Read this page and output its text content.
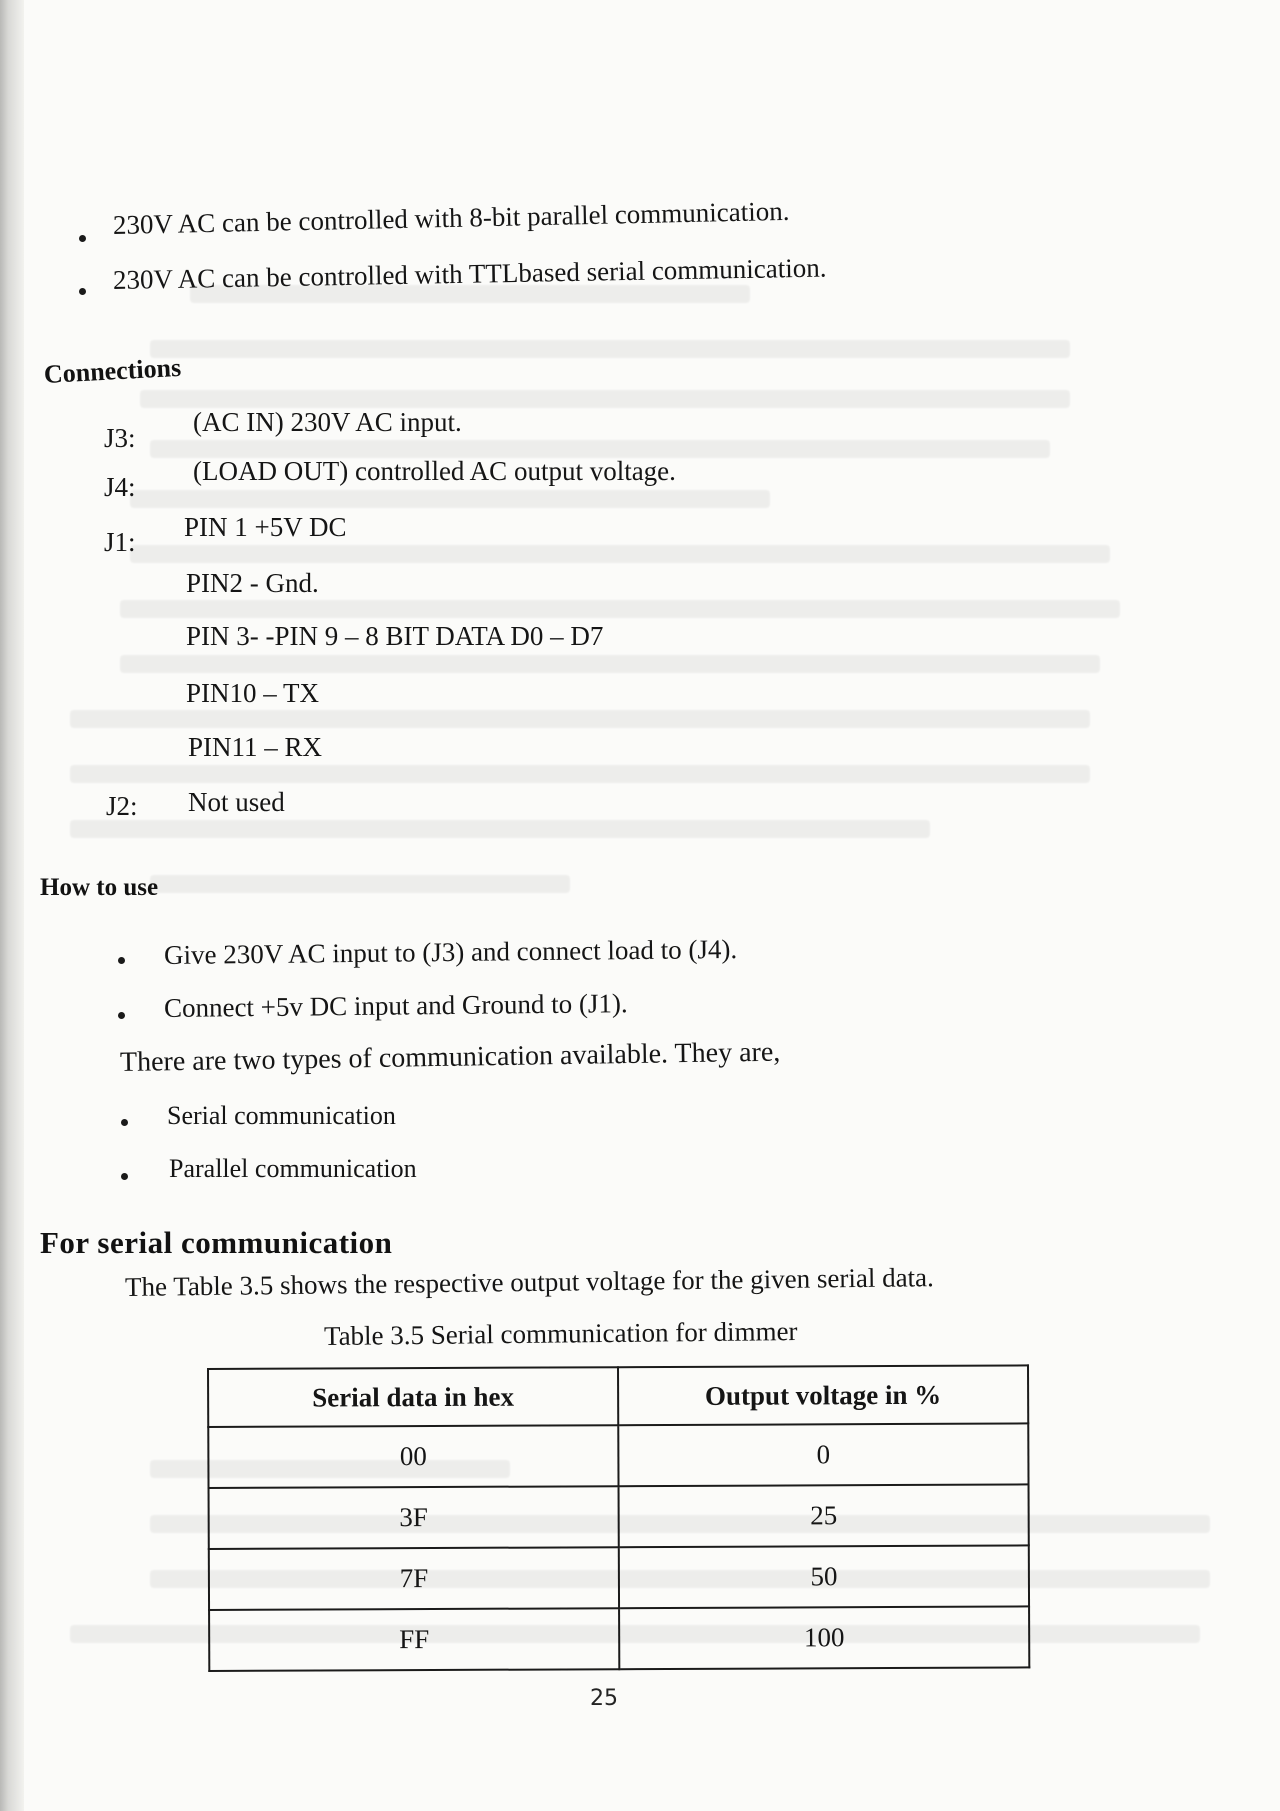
230V AC can be controlled with 8-bit parallel communication.
230V AC can be controlled with TTLbased serial communication.
Connections
J3:
(AC IN) 230V AC input.
J4:
(LOAD OUT) controlled AC output voltage.
J1: PIN 1 +5V DC
PIN2 - Gnd.
PIN 3- -PIN 9 – 8 BIT DATA D0 – D7
PIN10 – TX
PIN11 – RX
J2: Not used
How to use
Give 230V AC input to (J3) and connect load to (J4).
Connect +5v DC input and Ground to (J1).
There are two types of communication available. They are,
Serial communication
Parallel communication
For serial communication
The Table 3.5 shows the respective output voltage for the given serial data.
Table 3.5 Serial communication for dimmer
Serial data in hex	Output voltage in %
00	0
3F	25
7F	50
FF	100
25
